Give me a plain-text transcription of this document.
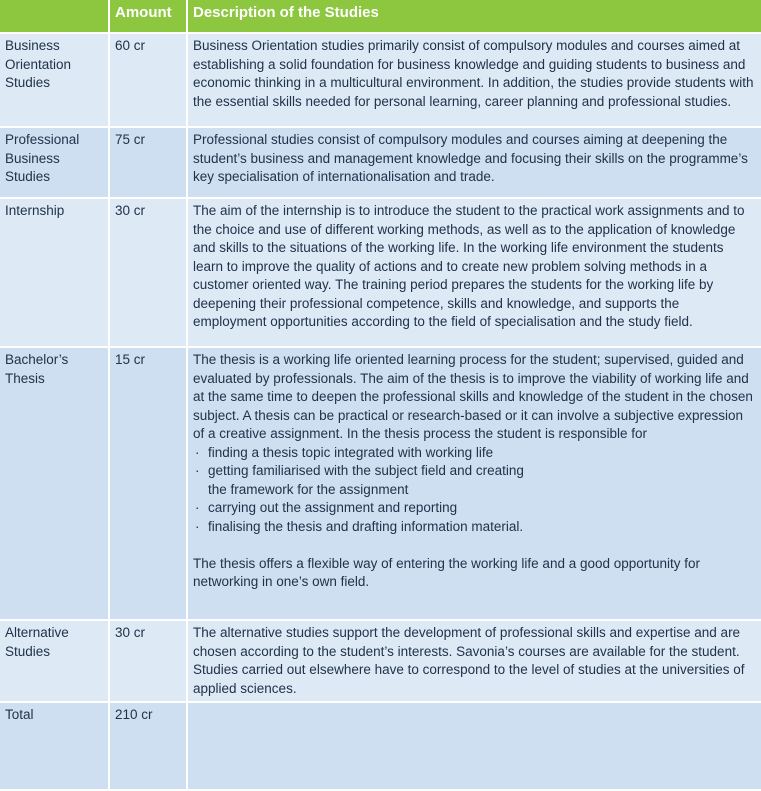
	Amount	Description of the Studies
Business Orientation Studies	60 cr	Business Orientation studies primarily consist of compulsory modules and courses aimed at establishing a solid foundation for business knowledge and guiding students to business and economic thinking in a multicultural environment. In addition, the studies provide students with the essential skills needed for personal learning, career planning and professional studies.

Professional Business Studies	75 cr	Professional studies consist of compulsory modules and courses aiming at deepening the student’s business and management knowledge and focusing their skills on the programme’s key specialisation of internationalisation and trade.

Internship	30 cr	The aim of the internship is to introduce the student to the practical work assignments and to the choice and use of different working methods, as well as to the application of knowledge and skills to the situations of the working life. In the working life environment the students learn to improve the quality of actions and to create new problem solving methods in a customer oriented way. The training period prepares the students for the working life by deepening their professional competence, skills and knowledge, and supports the employment opportunities according to the field of specialisation and the study field.

Bachelor’s Thesis	15 cr	The thesis is a working life oriented learning process for the student; supervised, guided and evaluated by professionals. The aim of the thesis is to improve the viability of working life and at the same time to deepen the professional skills and knowledge of the student in the chosen subject. A thesis can be practical or research-based or it can involve a subjective expression of a creative assignment. In the thesis process the student is responsible for

· finding a thesis topic integrated with working life
· getting familiarised with the subject field and creating
the framework for the assignment
· carrying out the assignment and reporting
· finalising the thesis and drafting information material.

The thesis offers a flexible way of entering the working life and a good opportunity for networking in one’s own field.

Alternative Studies	30 cr	The alternative studies support the development of professional skills and expertise and are chosen according to the student’s interests. Savonia’s courses are available for the student. Studies carried out elsewhere have to correspond to the level of studies at the universities of applied sciences.

Total	210 cr	
